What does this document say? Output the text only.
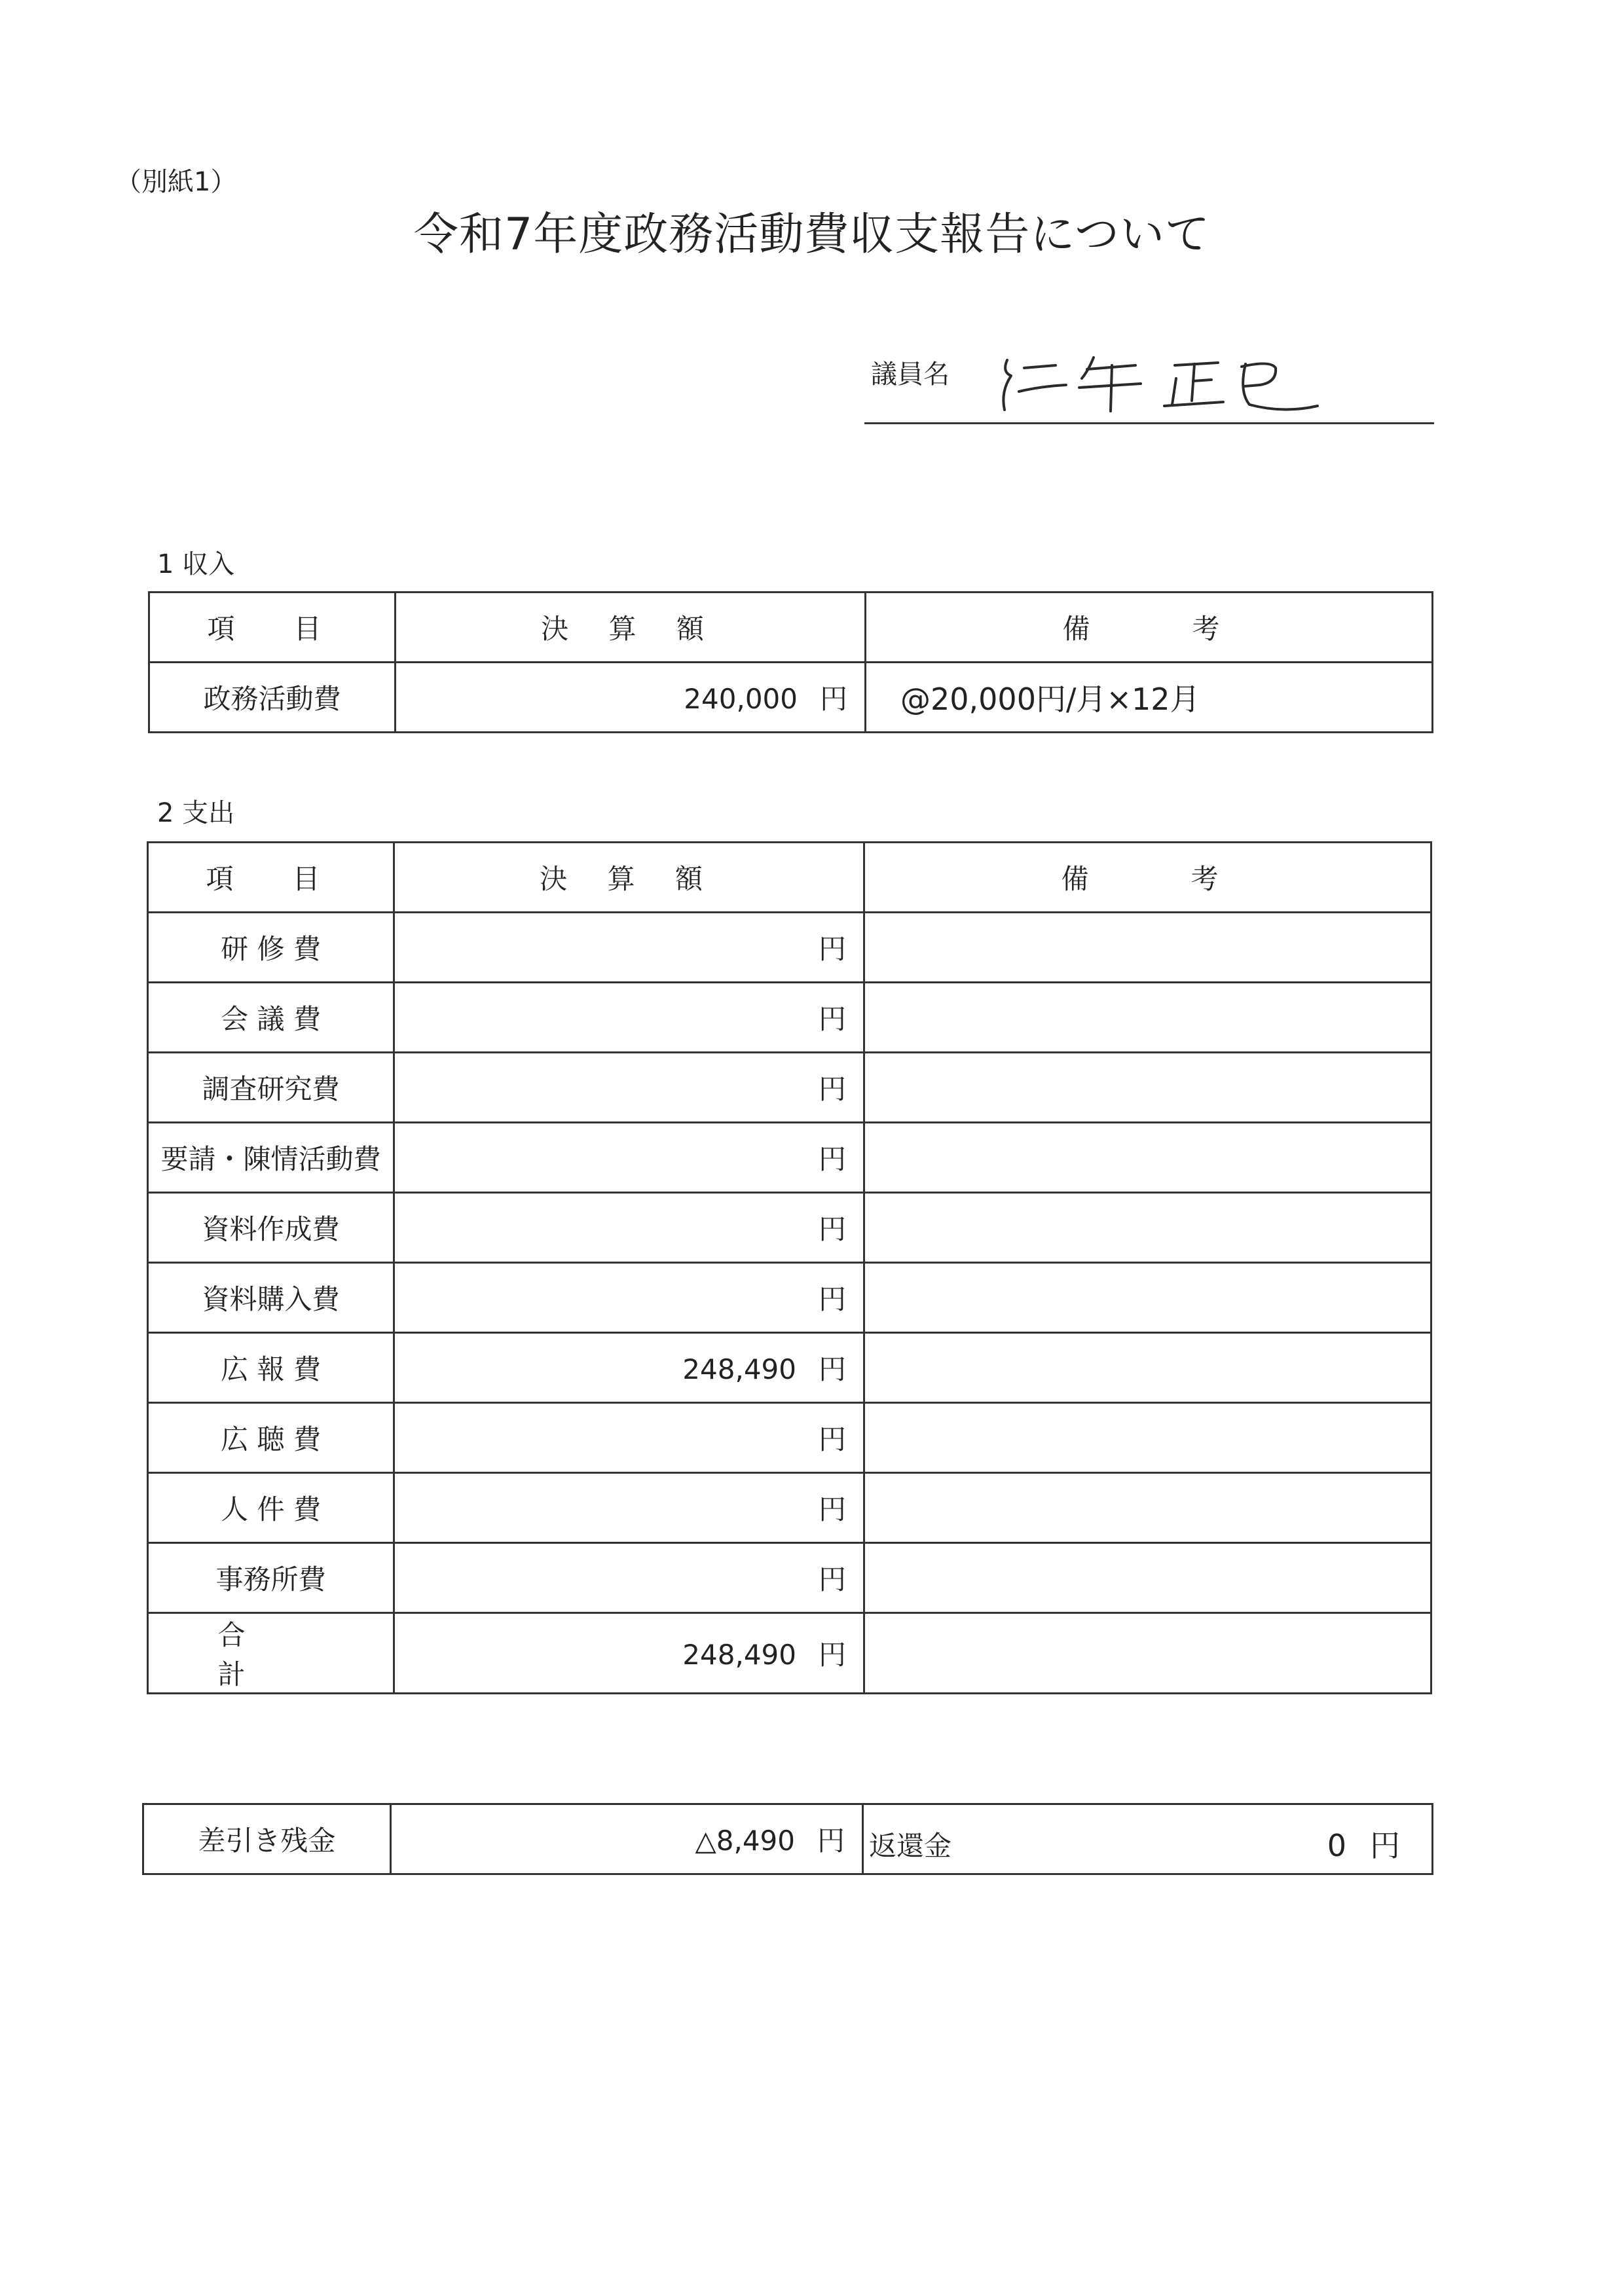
（別紙1）
令和7年度政務活動費収支報告について
議員名
1 収入
項　目	決 算 額	備　　考
政務活動費	240,000 円	@20,000円/月×12月
2 支出
項　目	決 算 額	備　　考
研 修 費	円	
会 議 費	円	
調査研究費	円	
要請・陳情活動費	円	
資料作成費	円	
資料購入費	円	
広 報 費	248,490 円	
広 聴 費	円	
人 件 費	円	
事務所費	円	
合　計	248,490 円	
差引き残金	△8,490 円	返還金	0 円
